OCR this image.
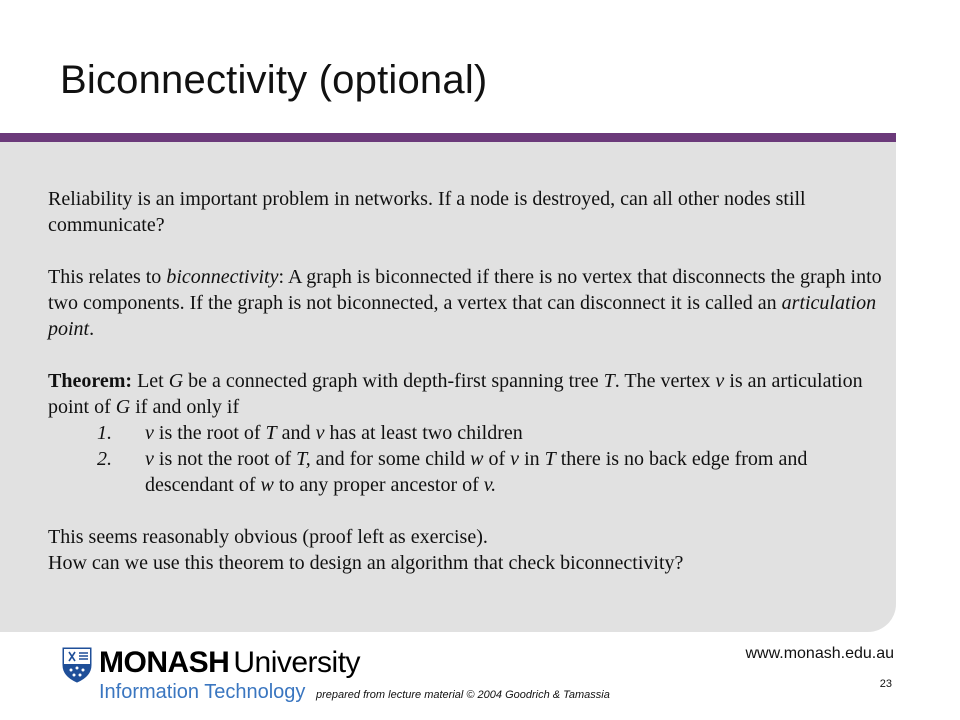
Biconnectivity (optional)

Reliability is an important problem in networks. If a node is destroyed, can all other nodes still communicate?

This relates to biconnectivity: A graph is biconnected if there is no vertex that disconnects the graph into two components. If the graph is not biconnected, a vertex that can disconnect it is called an articulation point.

Theorem: Let G be a connected graph with depth-first spanning tree T. The vertex v is an articulation point of G if and only if

1. v is the root of T and v has at least two children
2. v is not the root of T, and for some child w of v in T there is no back edge from and descendant of w to any proper ancestor of v.

This seems reasonably obvious (proof left as exercise).

How can we use this theorem to design an algorithm that check biconnectivity?

MONASH University
Information Technology
www.monash.edu.au
23
prepared from lecture material © 2004 Goodrich & Tamassia
